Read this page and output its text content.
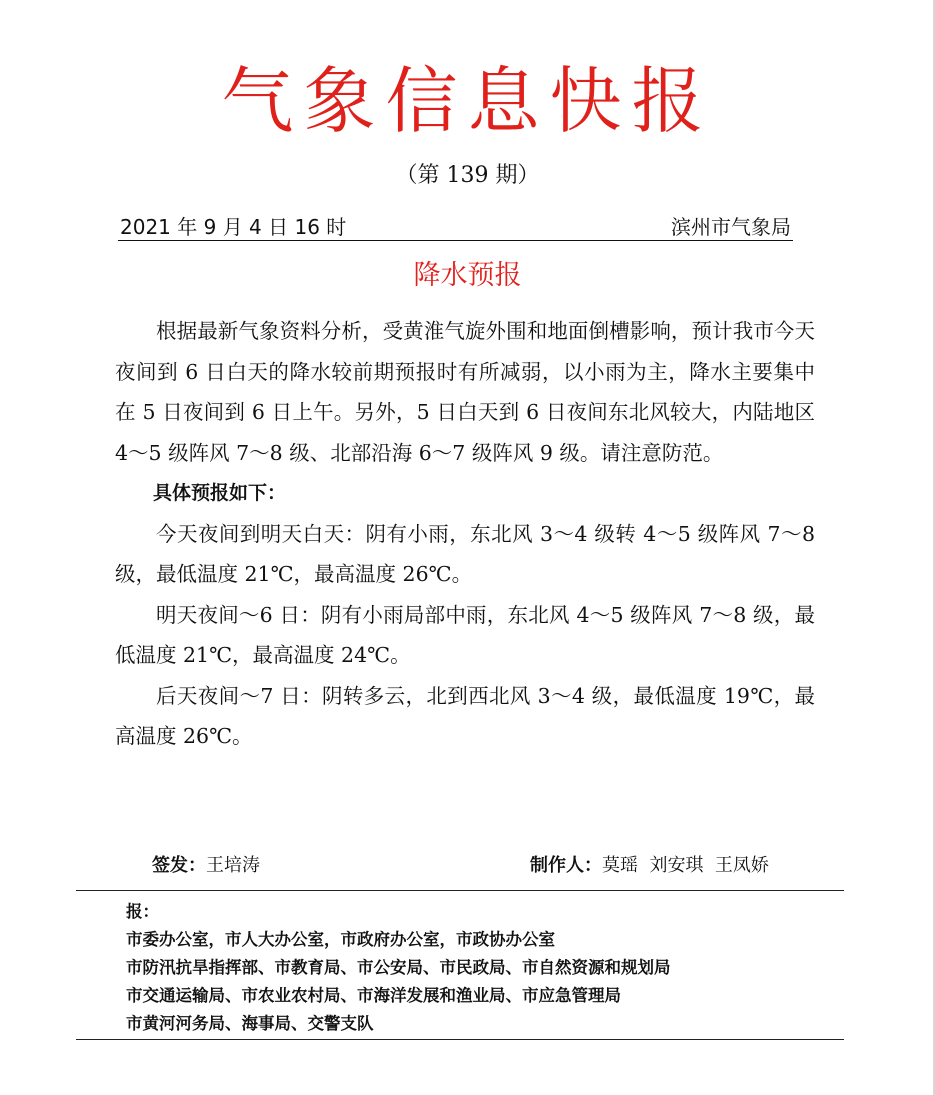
气象信息快报
（第 139 期）
2021 年 9 月 4 日 16 时	滨州市气象局
降水预报

根据最新气象资料分析，受黄淮气旋外围和地面倒槽影响，预计我市今天夜间到 6 日白天的降水较前期预报时有所减弱，以小雨为主，降水主要集中在 5 日夜间到 6 日上午。另外，5 日白天到 6 日夜间东北风较大，内陆地区 4～5 级阵风 7～8 级、北部沿海 6～7 级阵风 9 级。请注意防范。

具体预报如下：

今天夜间到明天白天：阴有小雨，东北风 3～4 级转 4～5 级阵风 7～8 级，最低温度 21℃，最高温度 26℃。

明天夜间～6 日：阴有小雨局部中雨，东北风 4～5 级阵风 7～8 级，最低温度 21℃，最高温度 24℃。

后天夜间～7 日：阴转多云，北到西北风 3～4 级，最低温度 19℃，最高温度 26℃。

签发：王培涛	制作人：莫瑶  刘安琪  王凤娇
报：
市委办公室，市人大办公室，市政府办公室，市政协办公室
市防汛抗旱指挥部、市教育局、市公安局、市民政局、市自然资源和规划局
市交通运输局、市农业农村局、市海洋发展和渔业局、市应急管理局
市黄河河务局、海事局、交警支队
